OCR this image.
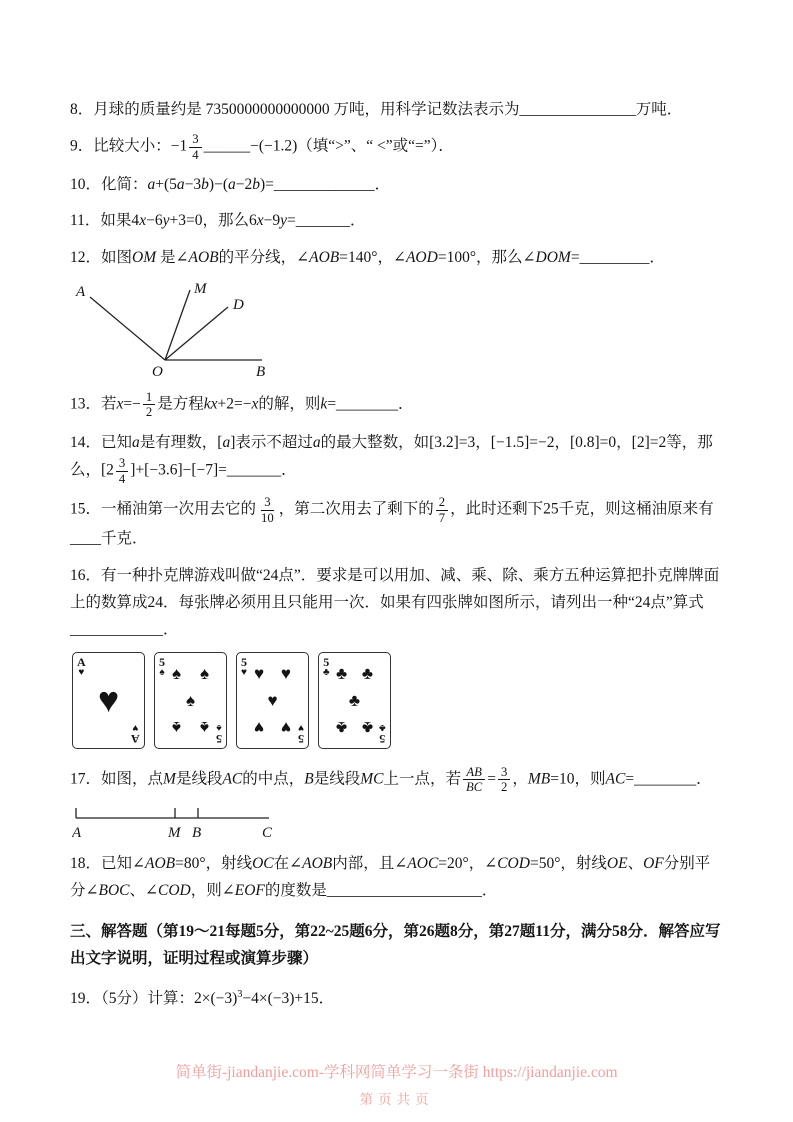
8．月球的质量约是 7350000000000000 万吨，用科学记数法表示为_______________万吨．
9．比较大小：$-1 \frac{3}{4}$ ______−(−1.2)（填“>”、“ <”或“=”）．
10．化简：a+(5a−3b)−(a−2b)=_____________．
11．如果4x−6y+3=0，那么6x−9y=_______．
12．如图OM 是∠AOB的平分线，∠AOB=140°，∠AOD=100°，那么∠DOM=_________．
A	M
D
O	B
13．若$x=- \frac{1}{2}$ 是方程kx+2=−x的解，则k=________．
14．已知a是有理数，[a]表示不超过a的最大整数，如[3.2]=3，[−1.5]=−2，[0.8]=0，[2]=2等，那么，[$2 \frac{3}{4}$ ]+[−3.6]−[−7]=_______．
15．一桶油第一次用去它的 $\frac{3}{10}$ ，第二次用去了剩下的 $\frac{2}{7}$ ，此时还剩下25千克，则这桶油原来有 ____千克．
16．有一种扑克牌游戏叫做“24点”．要求是可以用加、减、乘、除、乘方五种运算把扑克牌牌面上的数算成24．每张牌必须用且只能用一次．如果有四张牌如图所示，请列出一种“24点”算式____________．
A
♥
♥
A
♥
5
♠ ♠ ♠
♠
♠ ♠
5
♠
5
♥ ♥ ♥
♥
♥ ♥
5
♥
5
♣ ♣ ♣
♣
♣ ♣
5
♣
17．如图，点M是线段AC的中点，B是线段MC上一点，若 $\frac{AB}{BC} = \frac{3}{2}$ ，MB=10，则AC=________．
A	M B	C
18．已知∠AOB=80°，射线OC在∠AOB内部，且∠AOC=20°，∠COD=50°，射线OE、OF分别平分∠BOC、∠COD，则∠EOF的度数是____________________．
三、解答题（第19～21每题5分，第22~25题6分，第26题8分，第27题11分，满分58分．解答应写出文字说明，证明过程或演算步骤）
19．（5分）计算：$2\times(-3)^3-4\times(-3)+15$．
简单街-jiandanjie.com-学科网简单学习一条街 https://jiandanjie.com
第页共页
